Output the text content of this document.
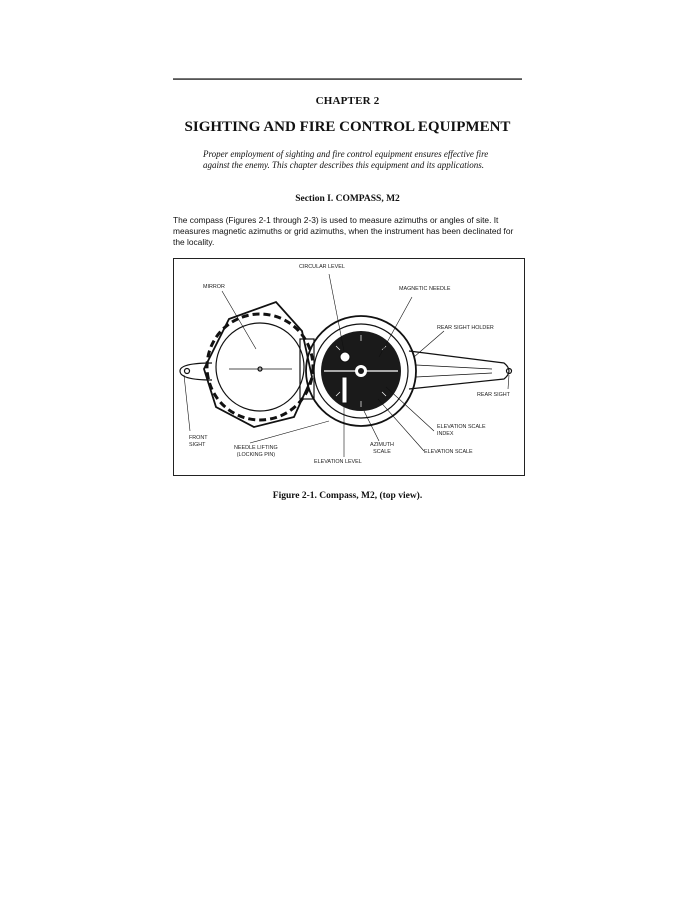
CHAPTER 2
SIGHTING AND FIRE CONTROL EQUIPMENT
Proper employment of sighting and fire control equipment ensures effective fire against the enemy. This chapter describes this equipment and its applications.
Section I. COMPASS, M2
The compass (Figures 2-1 through 2-3) is used to measure azimuths or angles of site. It measures magnetic azimuths or grid azimuths, when the instrument has been declinated for the locality.
CIRCULAR LEVEL
MIRROR	MAGNETIC NEEDLE
REAR SIGHT HOLDER
REAR SIGHT
FRONT
SIGHT	NEEDLE LIFTING
(LOCKING PIN)
ELEVATION LEVEL
AZIMUTH
SCALE
ELEVATION SCALE
INDEX
ELEVATION SCALE
Figure 2-1. Compass, M2, (top view).
